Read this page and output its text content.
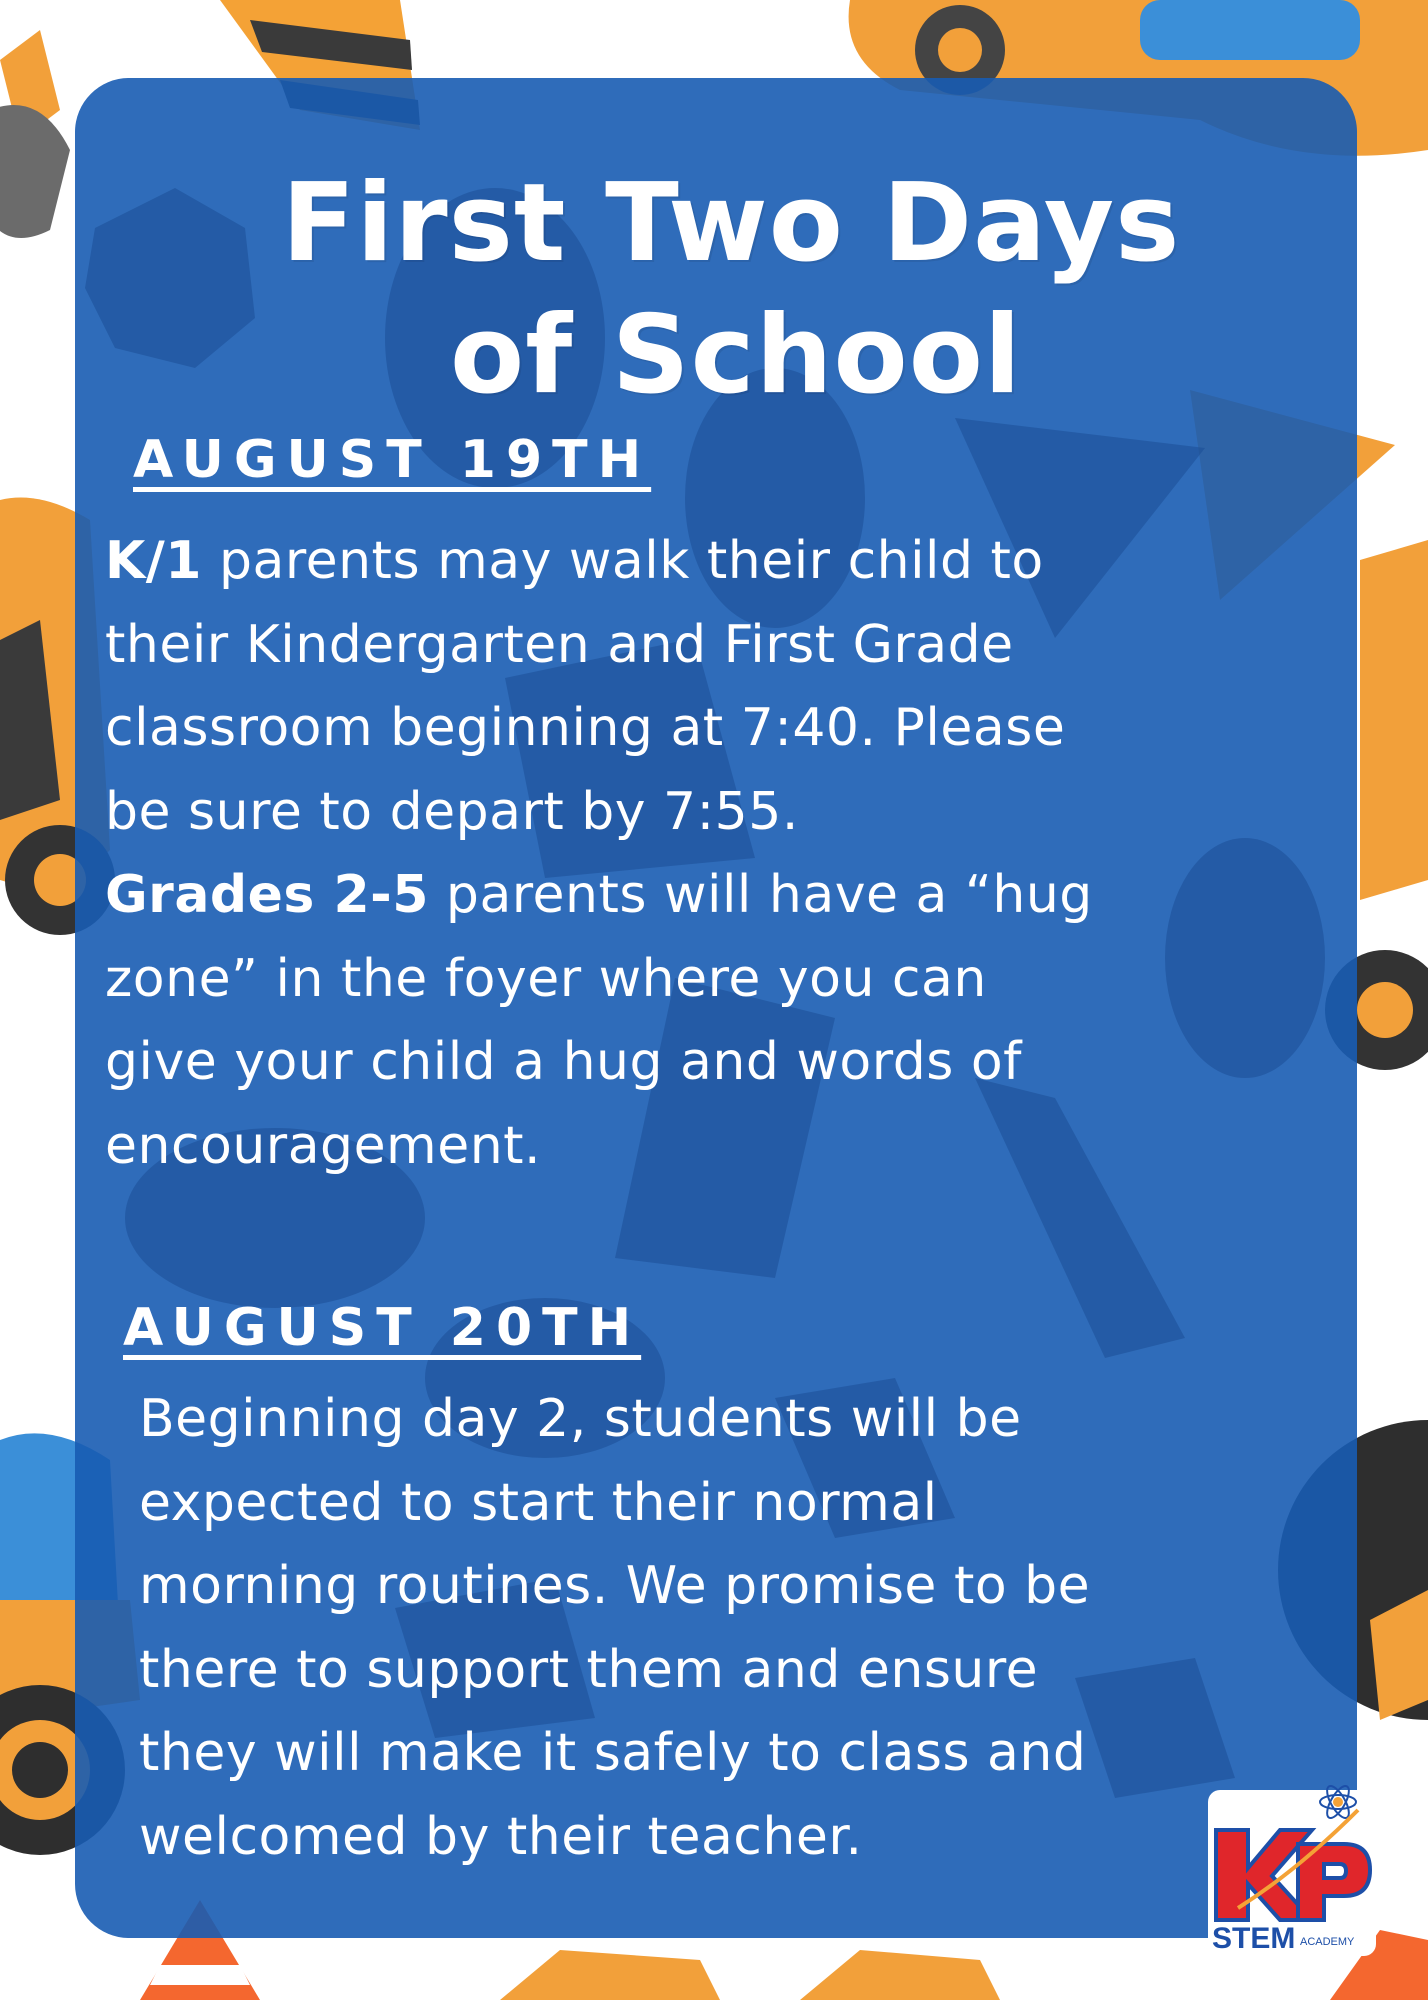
First Two Days
of School
AUGUST 19TH
K/1 parents may walk their child to
their Kindergarten and First Grade
classroom beginning at 7:40. Please
be sure to depart by 7:55.
Grades 2-5 parents will have a “hug
zone” in the foyer where you can
give your child a hug and words of
encouragement.
AUGUST 20TH
Beginning day 2, students will be
expected to start their normal
morning routines. We promise to be
there to support them and ensure
they will make it safely to class and
welcomed by their teacher.
STEM ACADEMY
